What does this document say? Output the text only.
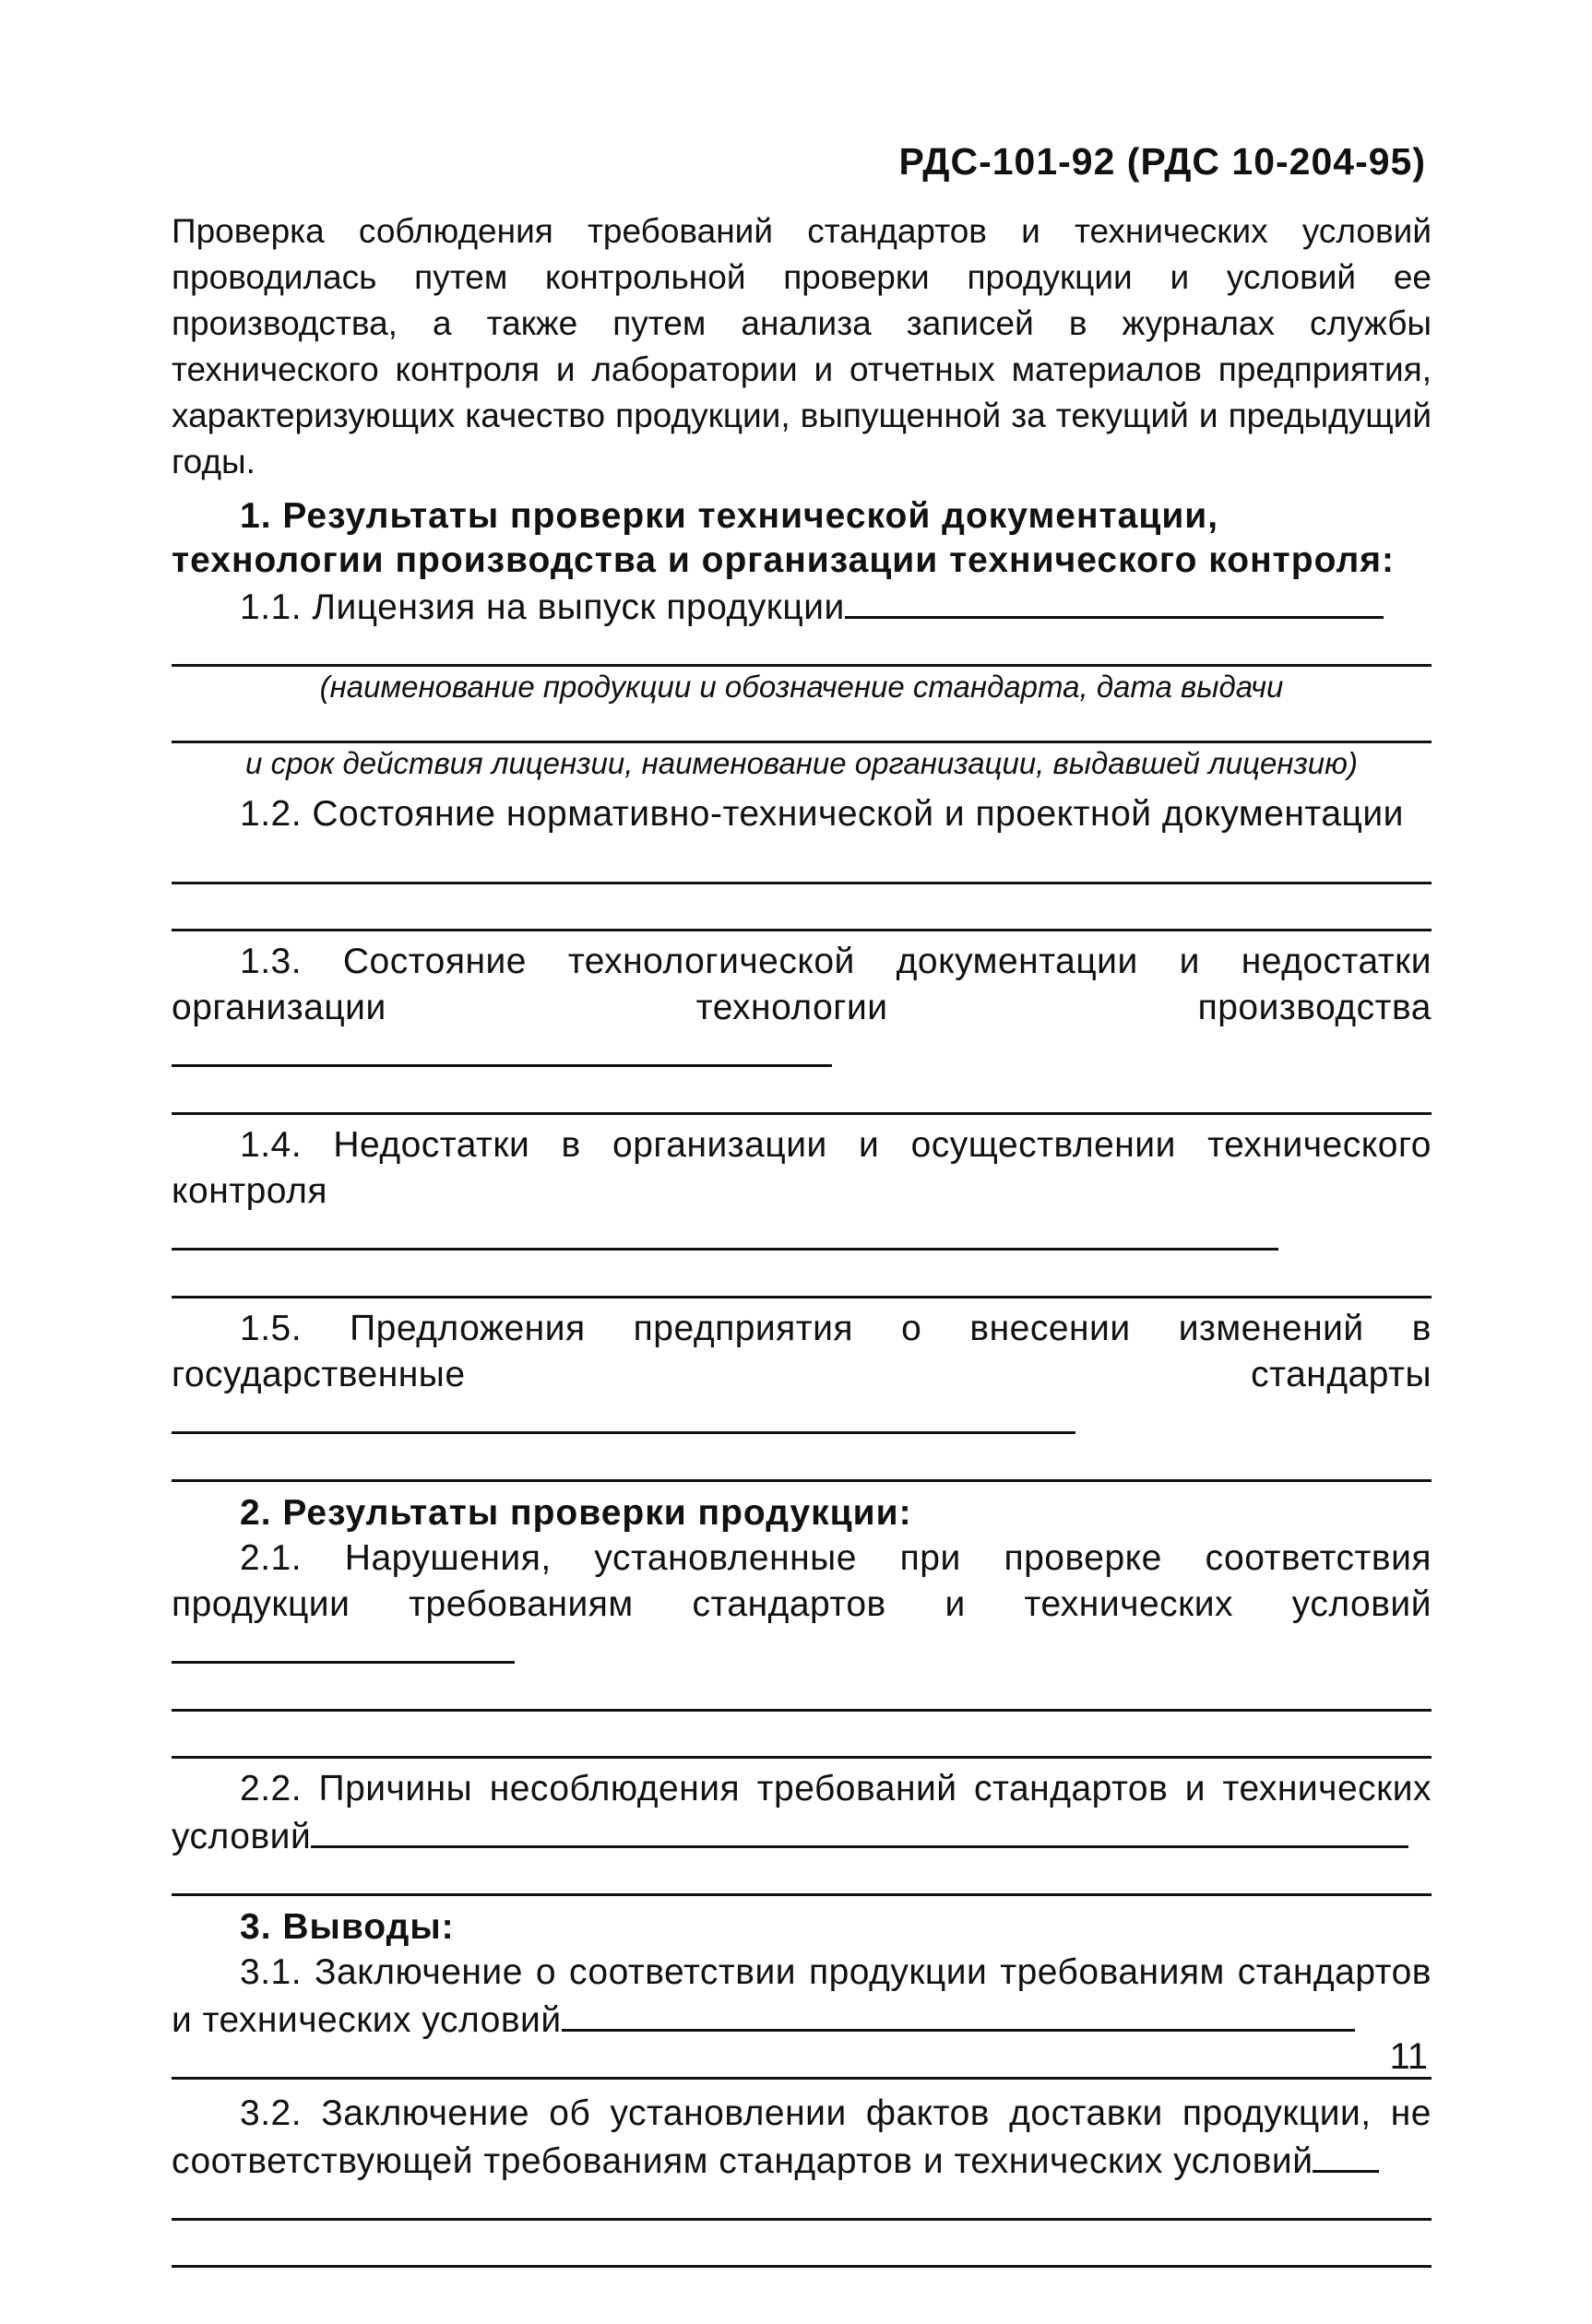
РДС-101-92 (РДС 10-204-95)

Проверка соблюдения требований стандартов и технических условий проводилась путем контрольной проверки продукции и условий ее производства, а также путем анализа записей в журналах службы технического контроля и лаборатории и отчетных материалов предприятия, характеризующих качество продукции, выпущенной за текущий и предыдущий годы.

1. Результаты проверки технической документации, технологии производства и организации технического контроля:

1.1. Лицензия на выпуск продукции

(наименование продукции и обозначение стандарта, дата выдачи

и срок действия лицензии, наименование организации, выдавшей лицензию)

1.2. Состояние нормативно-технической и проектной документации

1.3. Состояние технологической документации и недостатки организации технологии производства

1.4. Недостатки в организации и осуществлении технического контроля

1.5. Предложения предприятия о внесении изменений в государственные стандарты

2. Результаты проверки продукции:

2.1. Нарушения, установленные при проверке соответствия продукции требованиям стандартов и технических условий

2.2. Причины несоблюдения требований стандартов и технических условий

3. Выводы:

3.1. Заключение о соответствии продукции требованиям стандартов и технических условий

3.2. Заключение об установлении фактов доставки продукции, не соответствующей требованиям стандартов и технических условий

11
